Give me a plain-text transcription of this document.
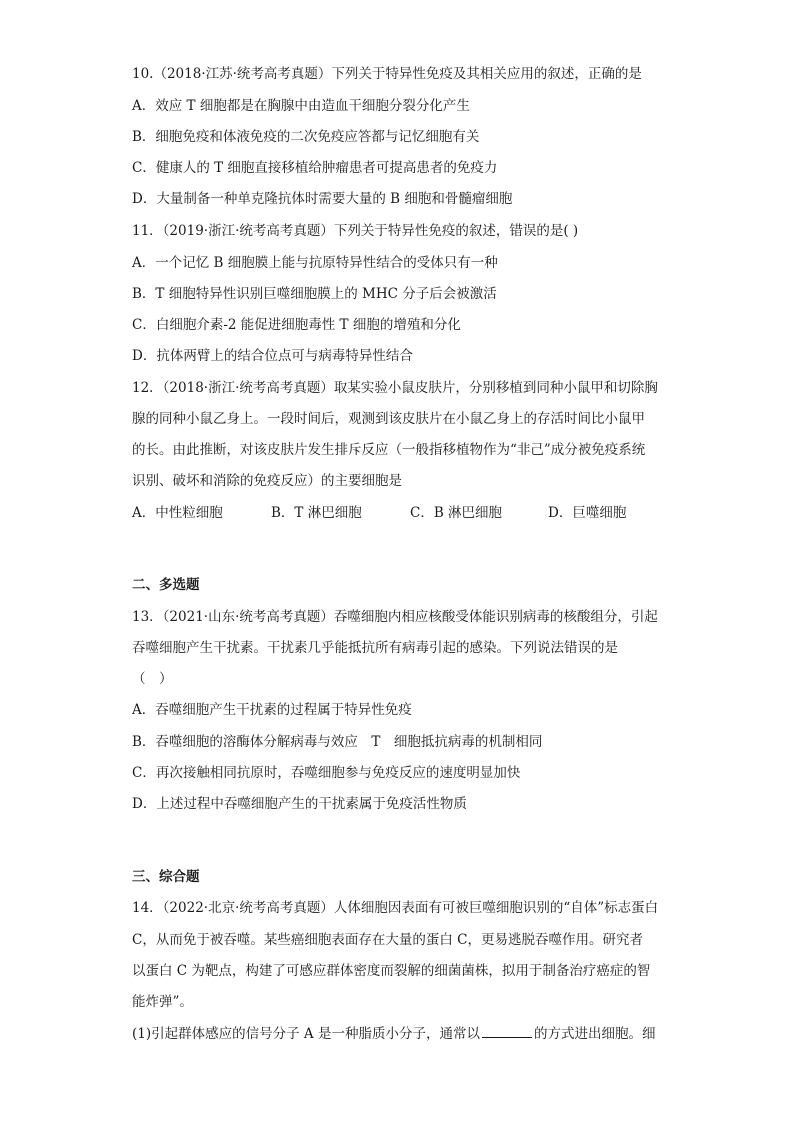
10.（2018·江苏·统考高考真题）下列关于特异性免疫及其相关应用的叙述，正确的是
A．效应 T 细胞都是在胸腺中由造血干细胞分裂分化产生
B．细胞免疫和体液免疫的二次免疫应答都与记忆细胞有关
C．健康人的 T 细胞直接移植给肿瘤患者可提高患者的免疫力
D．大量制备一种单克隆抗体时需要大量的 B 细胞和骨髓瘤细胞
11．（2019·浙江·统考高考真题）下列关于特异性免疫的叙述，错误的是( )
A．一个记忆 B 细胞膜上能与抗原特异性结合的受体只有一种
B．T 细胞特异性识别巨噬细胞膜上的 MHC 分子后会被激活
C．白细胞介素-2 能促进细胞毒性 T 细胞的增殖和分化
D．抗体两臂上的结合位点可与病毒特异性结合
12．（2018·浙江·统考高考真题）取某实验小鼠皮肤片，分别移植到同种小鼠甲和切除胸
腺的同种小鼠乙身上。一段时间后，观测到该皮肤片在小鼠乙身上的存活时间比小鼠甲
的长。由此推断，对该皮肤片发生排斥反应（一般指移植物作为“非己”成分被免疫系统
识别、破坏和消除的免疫反应）的主要细胞是
A．中性粒细胞	B．T 淋巴细胞	C．B 淋巴细胞	D．巨噬细胞
二、多选题
13．（2021·山东·统考高考真题）吞噬细胞内相应核酸受体能识别病毒的核酸组分，引起
吞噬细胞产生干扰素。干扰素几乎能抵抗所有病毒引起的感染。下列说法错误的是
（　）
A．吞噬细胞产生干扰素的过程属于特异性免疫
B．吞噬细胞的溶酶体分解病毒与效应　T　细胞抵抗病毒的机制相同
C．再次接触相同抗原时，吞噬细胞参与免疫反应的速度明显加快
D．上述过程中吞噬细胞产生的干扰素属于免疫活性物质
三、综合题
14．（2022·北京·统考高考真题）人体细胞因表面有可被巨噬细胞识别的“自体”标志蛋白
C，从而免于被吞噬。某些癌细胞表面存在大量的蛋白 C，更易逃脱吞噬作用。研究者
以蛋白 C 为靶点，构建了可感应群体密度而裂解的细菌菌株，拟用于制备治疗癌症的智
能炸弹”。
(1)引起群体感应的信号分子 A 是一种脂质小分子，通常以	的方式进出细胞。细
